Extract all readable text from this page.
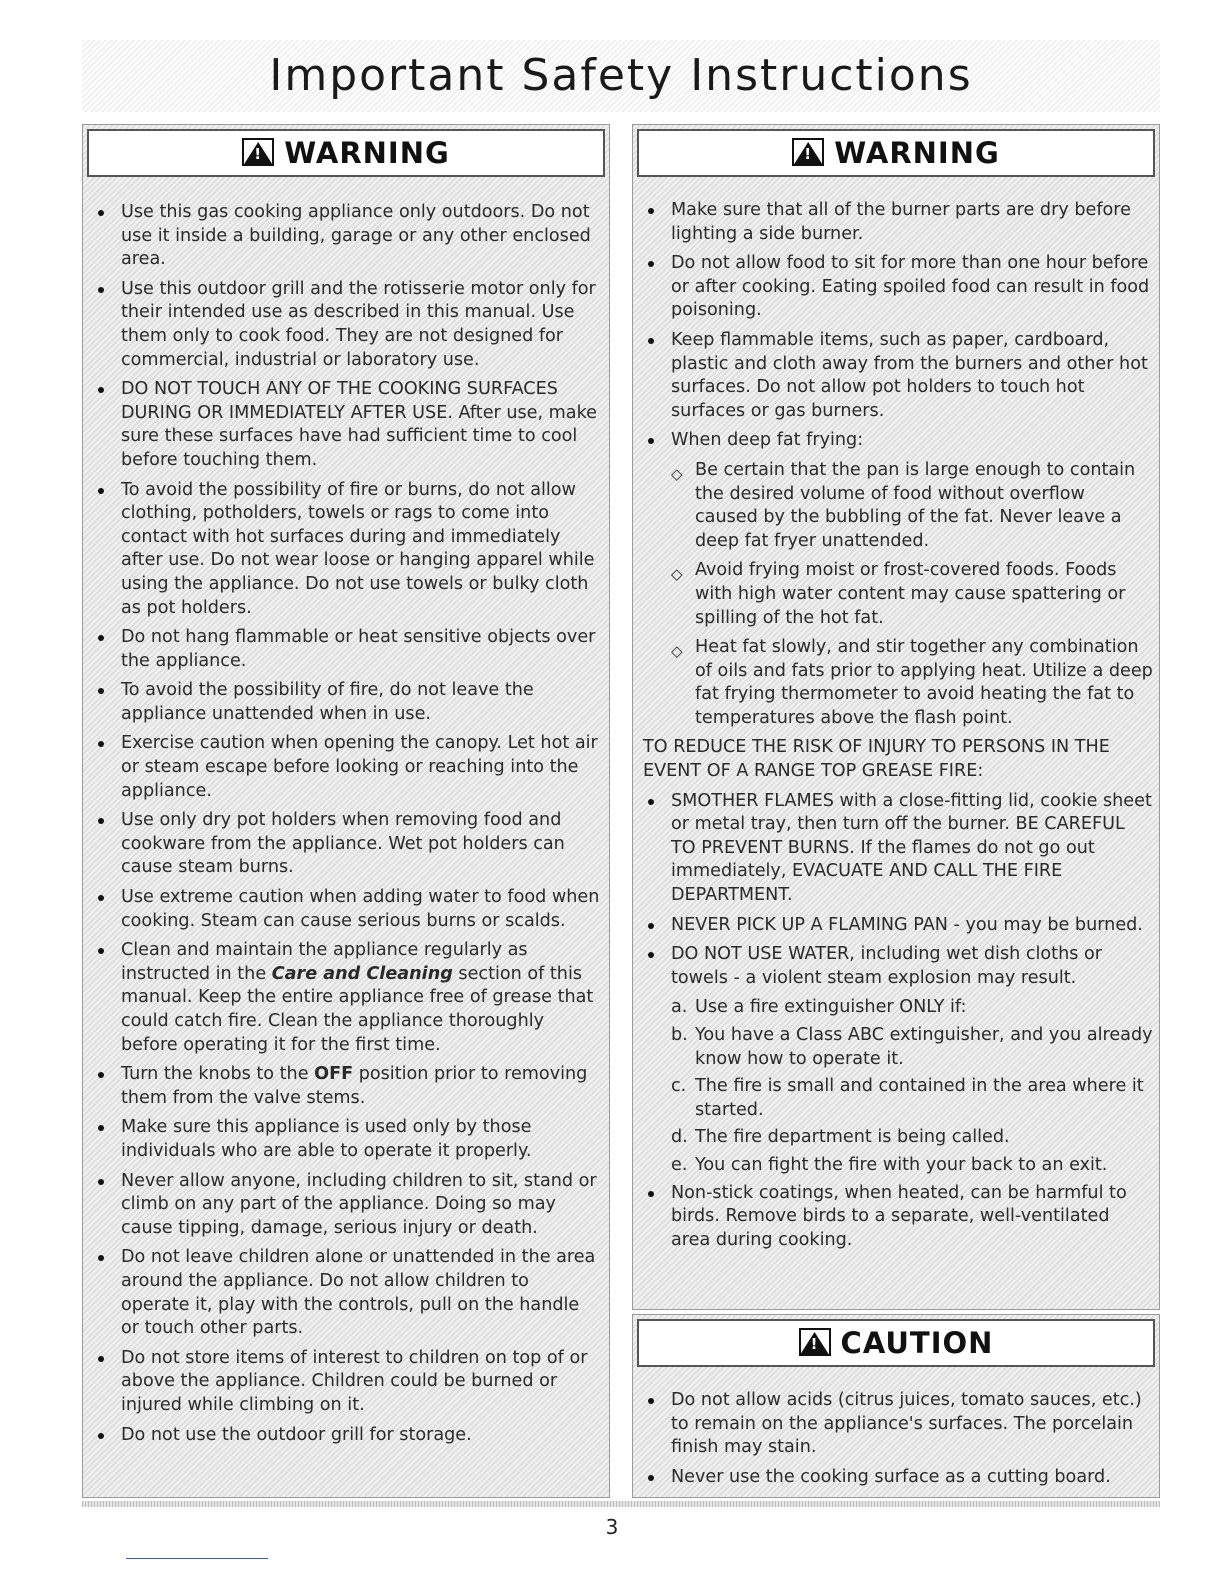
Important Safety Instructions
!WARNING
Use this gas cooking appliance only outdoors. Do not use it inside a building, garage or any other enclosed area.
Use this outdoor grill and the rotisserie motor only for their intended use as described in this manual. Use them only to cook food. They are not designed for commercial, industrial or laboratory use.
DO NOT TOUCH ANY OF THE COOKING SURFACES DURING OR IMMEDIATELY AFTER USE. After use, make sure these surfaces have had sufficient time to cool before touching them.
To avoid the possibility of fire or burns, do not allow clothing, potholders, towels or rags to come into contact with hot surfaces during and immediately after use. Do not wear loose or hanging apparel while using the appliance. Do not use towels or bulky cloth as pot holders.
Do not hang flammable or heat sensitive objects over the appliance.
To avoid the possibility of fire, do not leave the appliance unattended when in use.
Exercise caution when opening the canopy. Let hot air or steam escape before looking or reaching into the appliance.
Use only dry pot holders when removing food and cookware from the appliance. Wet pot holders can cause steam burns.
Use extreme caution when adding water to food when cooking. Steam can cause serious burns or scalds.
Clean and maintain the appliance regularly as instructed in the Care and Cleaning section of this manual. Keep the entire appliance free of grease that could catch fire. Clean the appliance thoroughly before operating it for the first time.
Turn the knobs to the OFF position prior to removing them from the valve stems.
Make sure this appliance is used only by those individuals who are able to operate it properly.
Never allow anyone, including children to sit, stand or climb on any part of the appliance. Doing so may cause tipping, damage, serious injury or death.
Do not leave children alone or unattended in the area around the appliance. Do not allow children to operate it, play with the controls, pull on the handle or touch other parts.
Do not store items of interest to children on top of or above the appliance. Children could be burned or injured while climbing on it.
Do not use the outdoor grill for storage.
!WARNING
Make sure that all of the burner parts are dry before lighting a side burner.
Do not allow food to sit for more than one hour before or after cooking. Eating spoiled food can result in food poisoning.
Keep flammable items, such as paper, cardboard, plastic and cloth away from the burners and other hot surfaces. Do not allow pot holders to touch hot surfaces or gas burners.
When deep fat frying:
◇ Be certain that the pan is large enough to contain the desired volume of food without overflow caused by the bubbling of the fat. Never leave a deep fat fryer unattended.
◇ Avoid frying moist or frost-covered foods. Foods with high water content may cause spattering or spilling of the hot fat.
◇ Heat fat slowly, and stir together any combination of oils and fats prior to applying heat. Utilize a deep fat frying thermometer to avoid heating the fat to temperatures above the flash point.
TO REDUCE THE RISK OF INJURY TO PERSONS IN THE EVENT OF A RANGE TOP GREASE FIRE:
SMOTHER FLAMES with a close-fitting lid, cookie sheet or metal tray, then turn off the burner. BE CAREFUL TO PREVENT BURNS. If the flames do not go out immediately, EVACUATE AND CALL THE FIRE DEPARTMENT.
NEVER PICK UP A FLAMING PAN - you may be burned.
DO NOT USE WATER, including wet dish cloths or towels - a violent steam explosion may result.
a. Use a fire extinguisher ONLY if:
b. You have a Class ABC extinguisher, and you already know how to operate it.
c. The fire is small and contained in the area where it started.
d. The fire department is being called.
e. You can fight the fire with your back to an exit.
Non-stick coatings, when heated, can be harmful to birds. Remove birds to a separate, well-ventilated area during cooking.
!CAUTION
Do not allow acids (citrus juices, tomato sauces, etc.) to remain on the appliance's surfaces. The porcelain finish may stain.
Never use the cooking surface as a cutting board.
3
